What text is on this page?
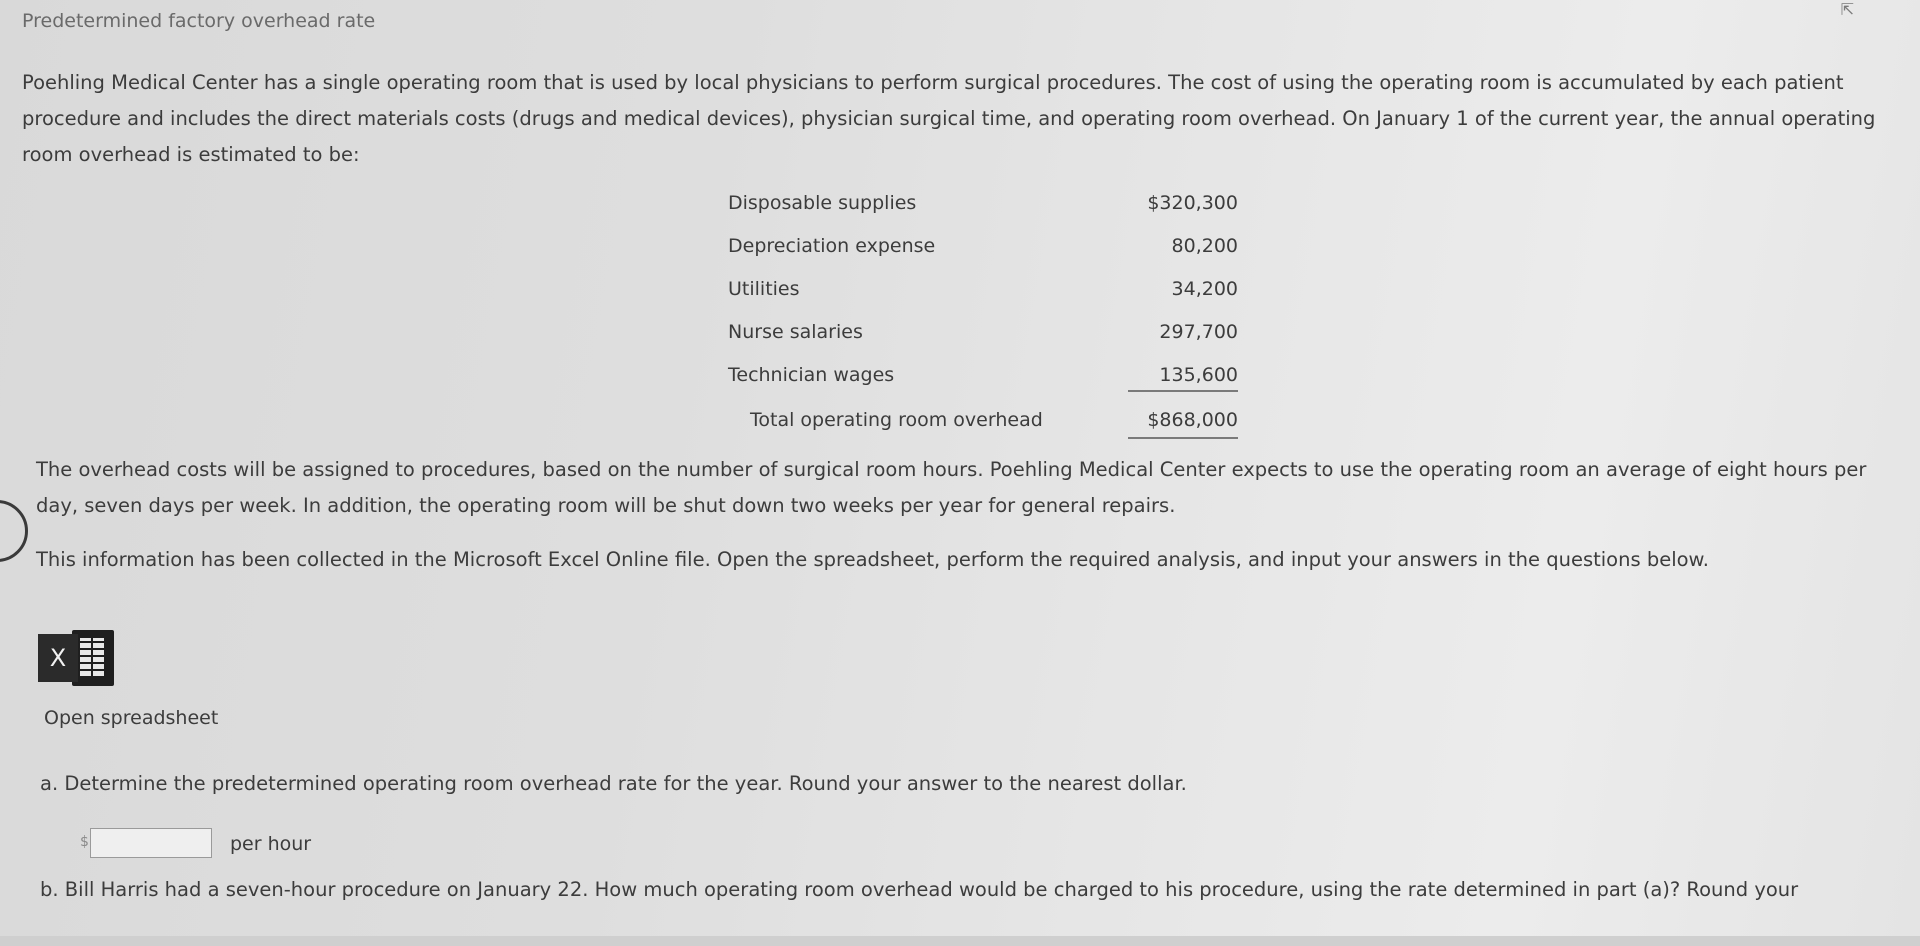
Predetermined factory overhead rate
⇱
Poehling Medical Center has a single operating room that is used by local physicians to perform surgical procedures. The cost of using the operating room is accumulated by each patient procedure and includes the direct materials costs (drugs and medical devices), physician surgical time, and operating room overhead. On January 1 of the current year, the annual operating room overhead is estimated to be:
Disposable supplies	$320,300
Depreciation expense	80,200
Utilities	34,200
Nurse salaries	297,700
Technician wages	135,600
Total operating room overhead	$868,000
The overhead costs will be assigned to procedures, based on the number of surgical room hours. Poehling Medical Center expects to use the operating room an average of eight hours per day, seven days per week. In addition, the operating room will be shut down two weeks per year for general repairs.
This information has been collected in the Microsoft Excel Online file. Open the spreadsheet, perform the required analysis, and input your answers in the questions below.
X
Open spreadsheet
a. Determine the predetermined operating room overhead rate for the year. Round your answer to the nearest dollar.
$	per hour
b. Bill Harris had a seven-hour procedure on January 22. How much operating room overhead would be charged to his procedure, using the rate determined in part (a)? Round your
